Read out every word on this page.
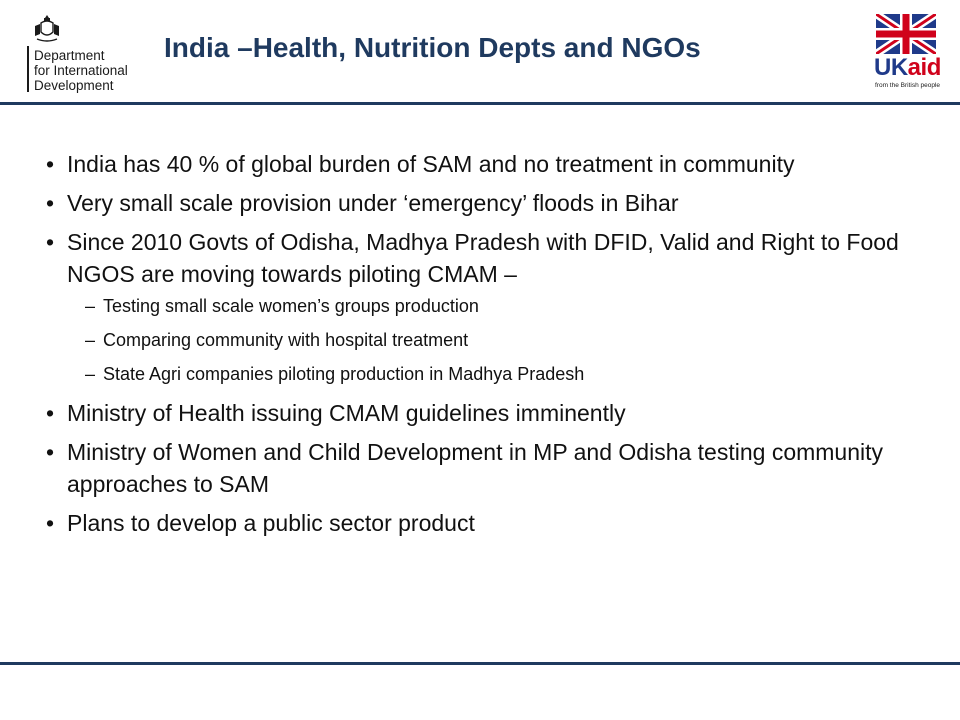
Department
for International
Development
India –Health, Nutrition Depts and NGOs
UKaid
from the British people
• India has 40 % of global burden of SAM and no treatment in community
• Very small scale provision under ‘emergency’ floods in Bihar
• Since 2010 Govts of Odisha, Madhya Pradesh with DFID, Valid and Right to Food NGOS are moving towards piloting CMAM –
– Testing small scale women’s groups production
– Comparing community with hospital treatment
– State Agri companies piloting production in Madhya Pradesh
• Ministry of Health issuing CMAM guidelines imminently
• Ministry of Women and Child Development in MP and Odisha testing community approaches to SAM
• Plans to develop a public sector product
